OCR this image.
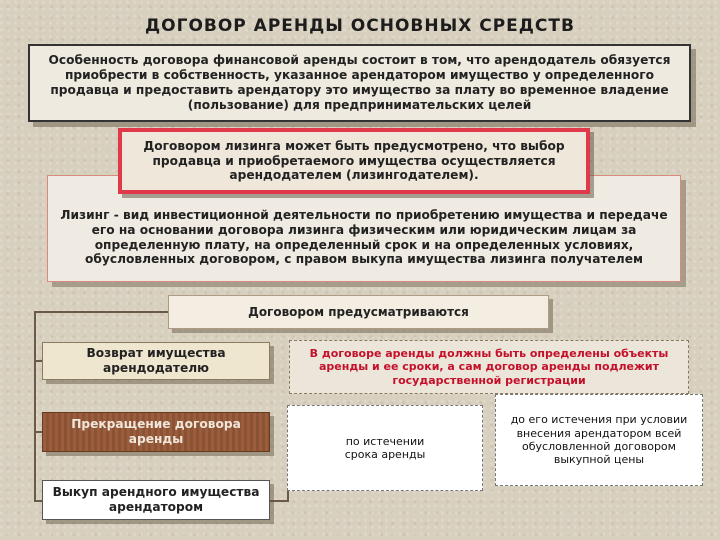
ДОГОВОР АРЕНДЫ ОСНОВНЫХ СРЕДСТВ
Особенность договора финансовой аренды состоит в том, что арендодатель обязуется приобрести в собственность, указанное арендатором имущество у определенного продавца и предоставить арендатору это имущество за плату во временное владение (пользование) для предпринимательских целей
Лизинг - вид инвестиционной деятельности по приобретению имущества и передаче его на основании договора лизинга физическим или юридическим лицам за определенную плату, на определенный срок и на определенных условиях, обусловленных договором, с правом выкупа имущества лизинга получателем
Договором лизинга может быть предусмотрено, что выбор продавца и приобретаемого имущества осуществляется арендодателем (лизингодателем).
Договором предусматриваются
Возврат имущества арендодателю
Прекращение договора аренды
Выкуп арендного имущества арендатором
В договоре аренды должны быть определены объекты аренды и ее сроки, а сам договор аренды подлежит государственной регистрации
по истечении срока аренды
до его истечения при условии внесения арендатором всей обусловленной договором выкупной цены
